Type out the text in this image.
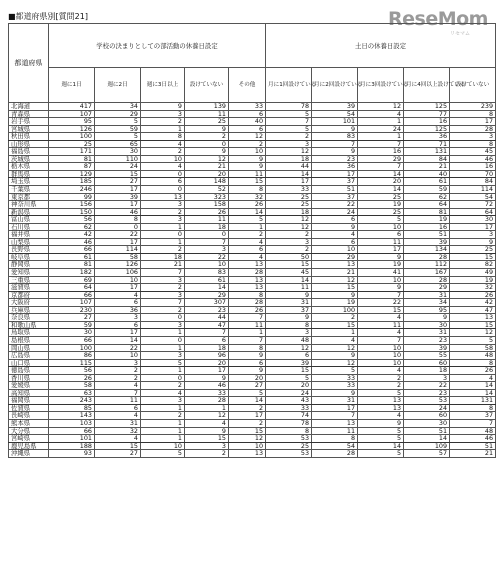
■都道府県別[質問21]	ReseMom
リセマム
都道府県	学校の決まりとしての部活動の休養日設定					土日の休養日設定				
	週に1日	週に2日	週に3日以上	設けていない	その他	月に1回設けている	月に2回設けている	月に3回設けている	月に4回以上設けている	設けていない
北海道	417	34	9	139	33	78	39	12	125	239
青森県	107	29	3	11	6	5	54	4	77	8
岩手県	95	5	2	25	40	7	101	1	16	17
宮城県	126	59	1	9	6	5	9	24	125	28
秋田県	100	5	8	2	12	2	83	1	36	3
山形県	25	65	4	0	2	3	7	7	71	8
福島県	171	30	2	9	10	12	9	16	131	45
茨城県	81	110	10	12	9	18	23	29	84	46
栃木県	87	24	4	21	9	44	36	7	21	16
群馬県	129	15	0	20	11	14	17	14	40	70
埼玉県	185	27	6	148	15	17	37	20	61	84
千葉県	246	17	0	52	8	33	51	14	59	114
東京都	99	39	13	323	32	25	37	25	62	54
神奈川県	156	17	3	158	26	25	22	19	64	72
新潟県	150	46	2	26	14	18	24	25	81	64
富山県	56	8	3	11	5	12	6	5	19	30
石川県	62	0	1	18	1	12	9	10	16	17
福井県	42	22	0	0	2	2	4	6	51	3
山梨県	46	17	1	7	4	3	6	11	39	9
長野県	66	114	2	3	6	2	10	17	134	25
岐阜県	61	58	18	22	4	50	29	9	28	15
静岡県	81	126	21	10	13	15	13	19	112	82
愛知県	182	106	7	83	28	45	21	41	167	49
三重県	69	10	3	61	13	14	12	10	28	19
滋賀県	64	17	2	14	13	11	15	9	29	32
京都府	66	4	3	29	8	9	9	7	31	26
大阪府	107	6	7	307	28	31	19	22	34	42
兵庫県	230	36	2	23	26	37	100	15	95	47
奈良県	27	3	0	44	7	9	2	4	9	13
和歌山県	59	6	3	47	11	8	15	11	30	15
鳥取県	30	17	1	7	1	3	1	4	31	12
島根県	66	14	0	6	7	48	4	7	23	5
岡山県	100	22	1	18	8	12	12	10	39	58
広島県	86	10	3	96	9	6	9	10	55	48
山口県	115	3	5	20	6	39	12	10	60	8
徳島県	56	2	1	17	9	15	5	4	18	26
香川県	26	2	0	9	20	5	33	2	3	4
愛媛県	58	4	2	46	27	20	33	2	22	14
高知県	63	7	4	33	5	24	9	5	23	14
福岡県	243	11	3	28	14	43	31	13	53	131
佐賀県	85	6	1	1	2	33	17	13	24	8
長崎県	143	4	2	12	17	74	7	4	60	37
熊本県	103	31	1	4	2	78	13	9	30	7
大分県	66	32	1	9	15	8	11	5	51	48
宮崎県	101	4	1	15	12	53	8	5	14	46
鹿児島県	188	15	10	3	10	25	54	14	109	51
沖縄県	93	27	5	2	13	53	28	5	57	21
